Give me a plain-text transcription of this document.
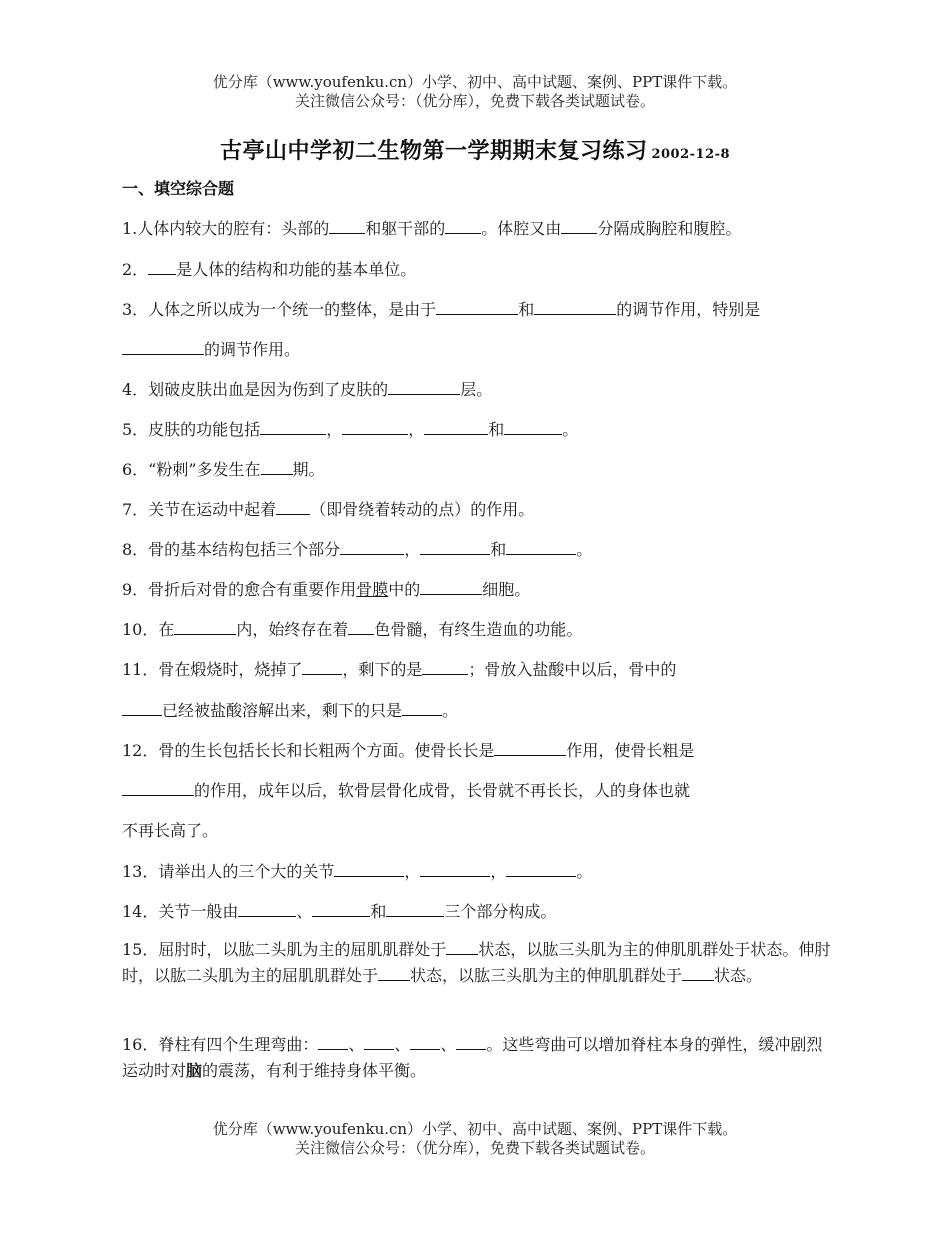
优分库（www.youfenku.cn）小学、初中、高中试题、案例、PPT课件下载。
关注微信公众号：（优分库），免费下载各类试题试卷。
古亭山中学初二生物第一学期期末复习练习 2002-12-8
一、填空综合题
1.人体内较大的腔有：头部的 和躯干部的 。体腔又由 分隔成胸腔和腹腔。
2． 是人体的结构和功能的基本单位。
3．人体之所以成为一个统一的整体，是由于	和	的调节作用，特别是
的调节作用。
4．划破皮肤出血是因为伤到了皮肤的	层。
5．皮肤的功能包括	，	，	和	。
6．“粉刺”多发生在 期。
7．关节在运动中起着 （即骨绕着转动的点）的作用。
8．骨的基本结构包括三个部分	，	和	。
9．骨折后对骨的愈合有重要作用骨膜中的	细胞。
10．在	内，始终存在着 色骨髓，有终生造血的功能。
11．骨在煅烧时，烧掉了	，剩下的是	；骨放入盐酸中以后，骨中的
已经被盐酸溶解出来，剩下的只是	。
12．骨的生长包括长长和长粗两个方面。使骨长长是	作用，使骨长粗是
的作用，成年以后，软骨层骨化成骨，长骨就不再长长，人的身体也就
不再长高了。
13．请举出人的三个大的关节	，	，	。
14．关节一般由	、	和	三个部分构成。
15．屈肘时，以肱二头肌为主的屈肌肌群处于 状态，以肱三头肌为主的伸肌肌群处于状态。伸肘时，以肱二头肌为主的屈肌肌群处于 状态，以肱三头肌为主的伸肌肌群处于 状态。
16．脊柱有四个生理弯曲： 、 、 、 。这些弯曲可以增加脊柱本身的弹性，缓冲剧烈运动时对脑的震荡，有利于维持身体平衡。
优分库（www.youfenku.cn）小学、初中、高中试题、案例、PPT课件下载。
关注微信公众号：（优分库），免费下载各类试题试卷。
